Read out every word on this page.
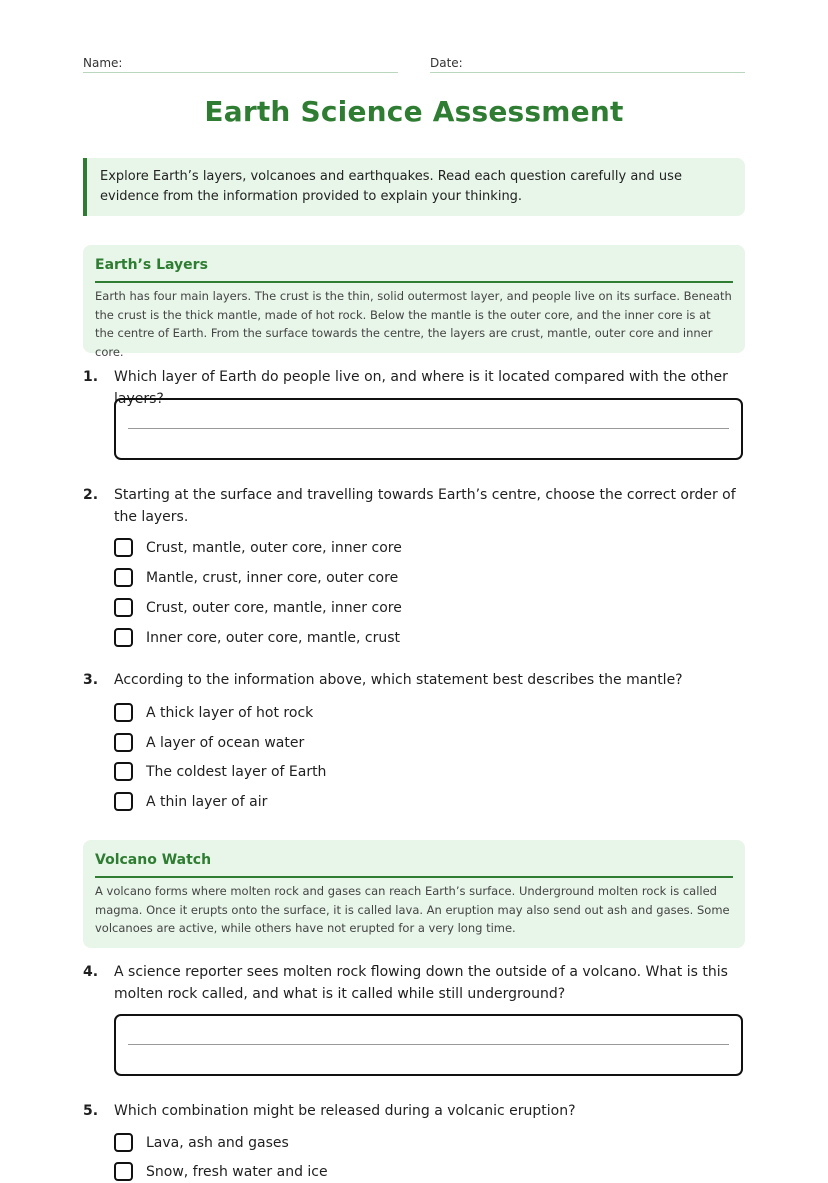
Name:	Date:
Earth Science Assessment
Explore Earth’s layers, volcanoes and earthquakes. Read each question carefully and use evidence from the information provided to explain your thinking.
Earth’s Layers
Earth has four main layers. The crust is the thin, solid outermost layer, and people live on its surface. Beneath the crust is the thick mantle, made of hot rock. Below the mantle is the outer core, and the inner core is at the centre of Earth. From the surface towards the centre, the layers are crust, mantle, outer core and inner core.
1. Which layer of Earth do people live on, and where is it located compared with the other layers?
2. Starting at the surface and travelling towards Earth’s centre, choose the correct order of the layers.
Crust, mantle, outer core, inner core
Mantle, crust, inner core, outer core
Crust, outer core, mantle, inner core
Inner core, outer core, mantle, crust
3. According to the information above, which statement best describes the mantle?
A thick layer of hot rock
A layer of ocean water
The coldest layer of Earth
A thin layer of air
Volcano Watch
A volcano forms where molten rock and gases can reach Earth’s surface. Underground molten rock is called magma. Once it erupts onto the surface, it is called lava. An eruption may also send out ash and gases. Some volcanoes are active, while others have not erupted for a very long time.
4. A science reporter sees molten rock flowing down the outside of a volcano. What is this molten rock called, and what is it called while still underground?
5. Which combination might be released during a volcanic eruption?
Lava, ash and gases
Snow, fresh water and ice
